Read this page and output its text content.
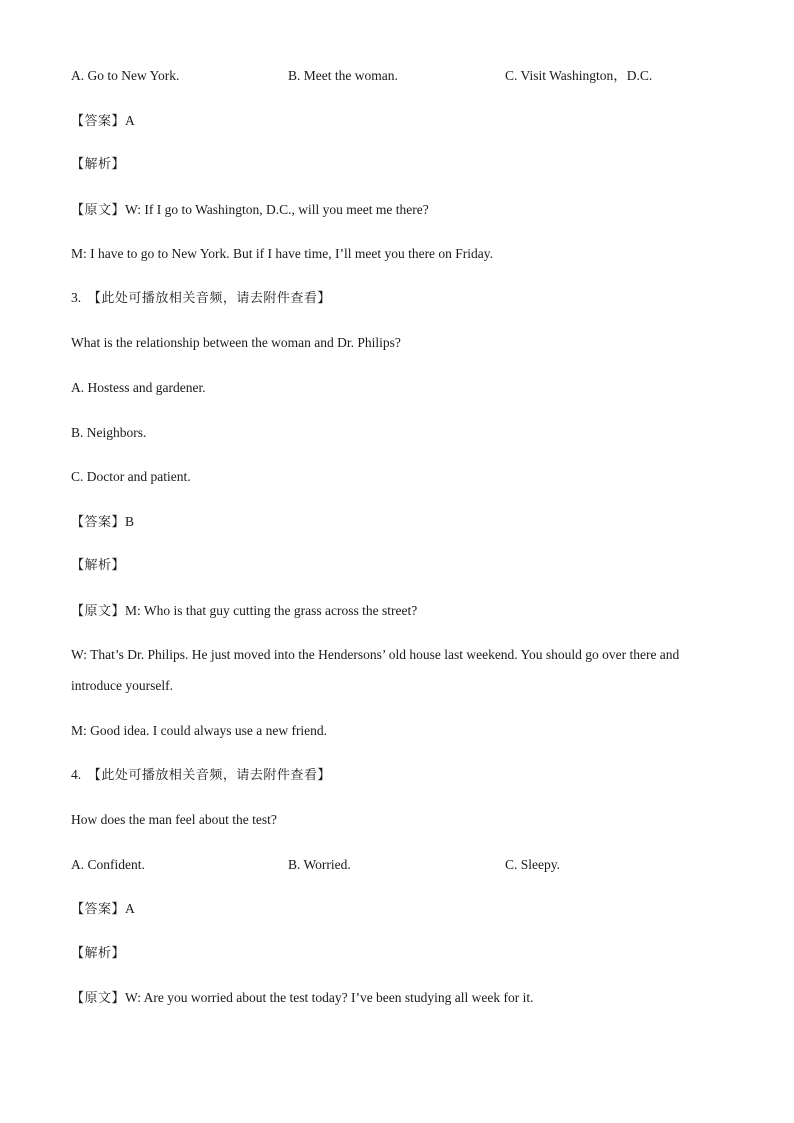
A. Go to New York.	B. Meet the woman.	C. Visit Washington，D.C.
【答案】A
【解析】
【原文】W: If I go to Washington, D.C., will you meet me there?
M: I have to go to New York. But if I have time, I’ll meet you there on Friday.
3. 【此处可播放相关音频，请去附件查看】
What is the relationship between the woman and Dr. Philips?
A. Hostess and gardener.
B. Neighbors.
C. Doctor and patient.
【答案】B
【解析】
【原文】M: Who is that guy cutting the grass across the street?
W: That’s Dr. Philips. He just moved into the Hendersons’ old house last weekend. You should go over there and
introduce yourself.
M: Good idea. I could always use a new friend.
4. 【此处可播放相关音频，请去附件查看】
How does the man feel about the test?
A. Confident.	B. Worried.	C. Sleepy.
【答案】A
【解析】
【原文】W: Are you worried about the test today? I’ve been studying all week for it.
